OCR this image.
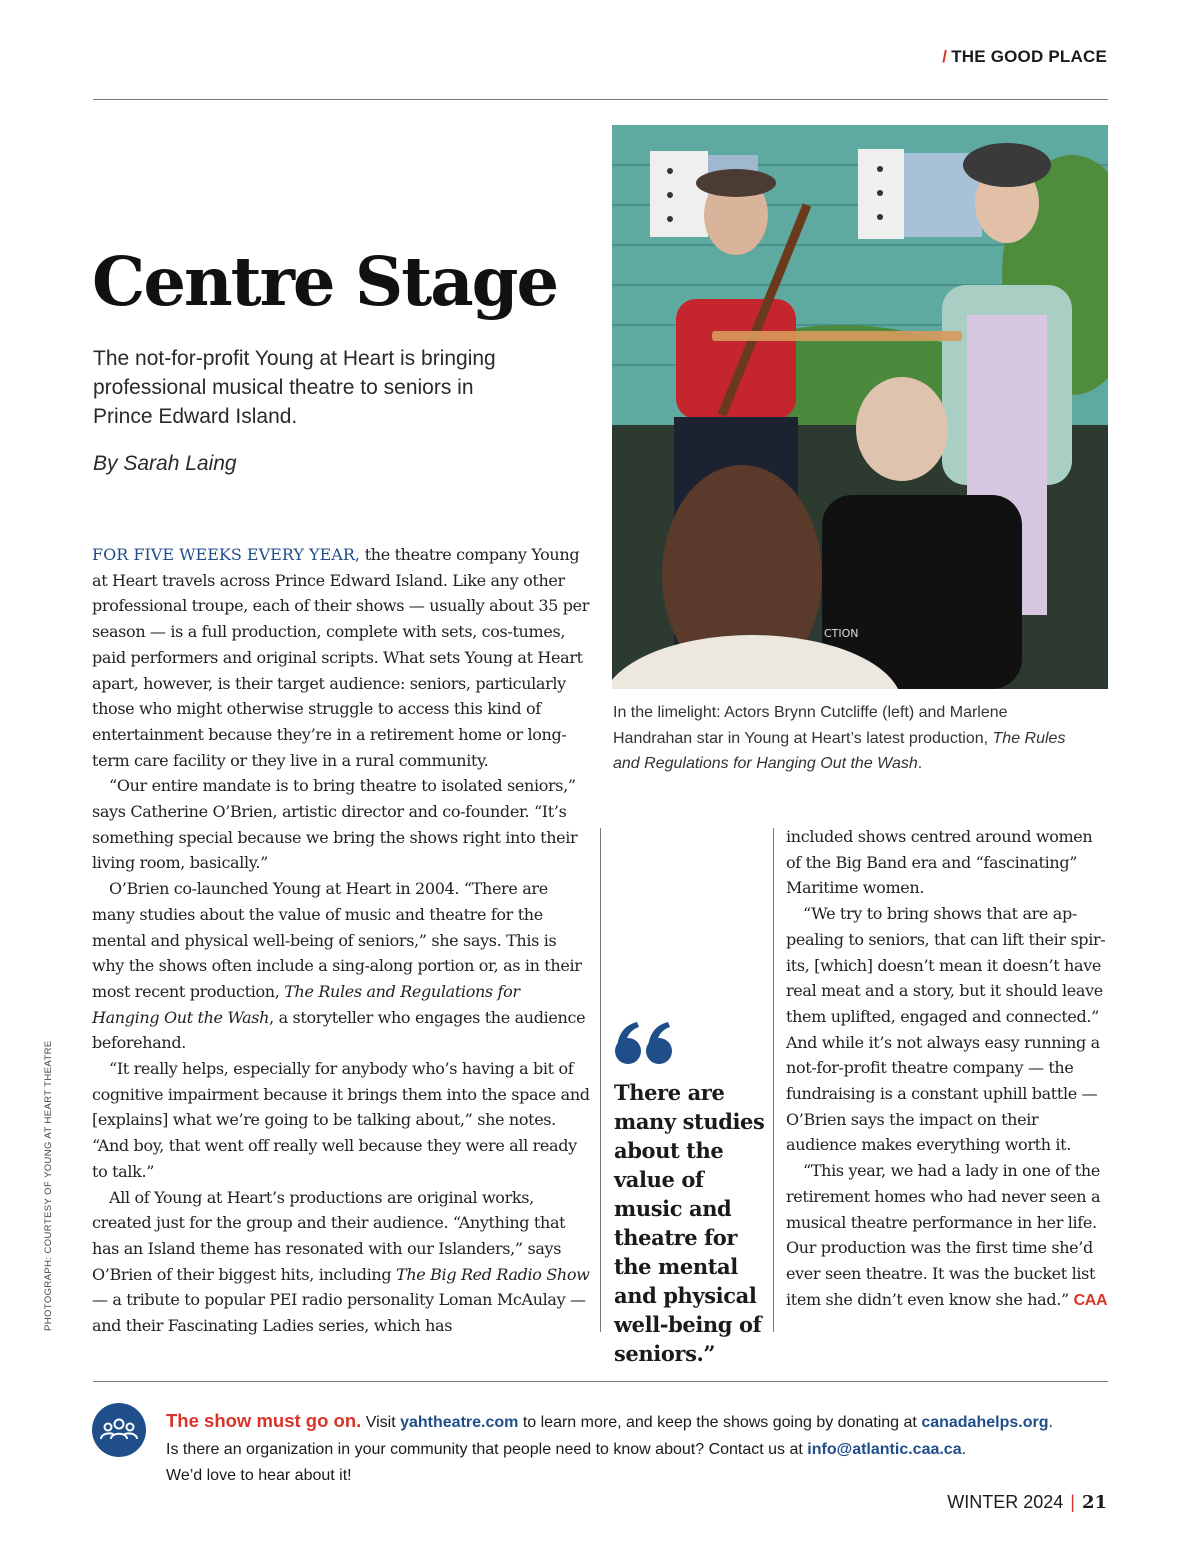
/ THE GOOD PLACE
Centre Stage
The not-for-profit Young at Heart is bringing professional musical theatre to seniors in Prince Edward Island.
By Sarah Laing
CTION
In the limelight: Actors Brynn Cutcliffe (left) and Marlene Handrahan star in Young at Heart’s latest production, The Rules and Regulations for Hanging Out the Wash.

FOR FIVE WEEKS EVERY YEAR, the theatre company Young at Heart travels across Prince Edward Island. Like any other professional troupe, each of their shows — usually about 35 per season — is a full production, complete with sets, cos-tumes, paid performers and original scripts. What sets Young at Heart apart, however, is their target audience: seniors, particularly those who might otherwise struggle to access this kind of entertainment because they’re in a retirement home or long-term care facility or they live in a rural community.

“Our entire mandate is to bring theatre to isolated seniors,” says Catherine O’Brien, artistic director and co-founder. “It’s something special because we bring the shows right into their living room, basically.”

O’Brien co-launched Young at Heart in 2004. “There are many studies about the value of music and theatre for the mental and physical well-being of seniors,” she says. This is why the shows often include a sing-along portion or, as in their most recent production, The Rules and Regulations for Hanging Out the Wash, a storyteller who engages the audience beforehand.

“It really helps, especially for anybody who’s having a bit of cognitive impairment because it brings them into the space and [explains] what we’re going to be talking about,” she notes. “And boy, that went off really well because they were all ready to talk.”

All of Young at Heart’s productions are original works, created just for the group and their audience. “Anything that has an Island theme has resonated with our Islanders,” says O’Brien of their biggest hits, including The Big Red Radio Show — a tribute to popular PEI radio personality Loman McAulay — and their Fascinating Ladies series, which has

There are many studies about the value of music and theatre for the mental and physical well-being of seniors.”

included shows centred around women of the Big Band era and “fascinating” Maritime women.

“We try to bring shows that are ap-pealing to seniors, that can lift their spir-its, [which] doesn’t mean it doesn’t have real meat and a story, but it should leave them uplifted, engaged and connected.” And while it’s not always easy running a not-for-profit theatre company — the fundraising is a constant uphill battle — O’Brien says the impact on their audience makes everything worth it.

“This year, we had a lady in one of the retirement homes who had never seen a musical theatre performance in her life. Our production was the first time she’d ever seen theatre. It was the bucket list item she didn’t even know she had.” CAA

PHOTOGRAPH: COURTESY OF YOUNG AT HEART THEATRE
The show must go on. Visit yahtheatre.com to learn more, and keep the shows going by donating at canadahelps.org.
Is there an organization in your community that people need to know about? Contact us at info@atlantic.caa.ca.
We’d love to hear about it!
WINTER 2024 | 21
